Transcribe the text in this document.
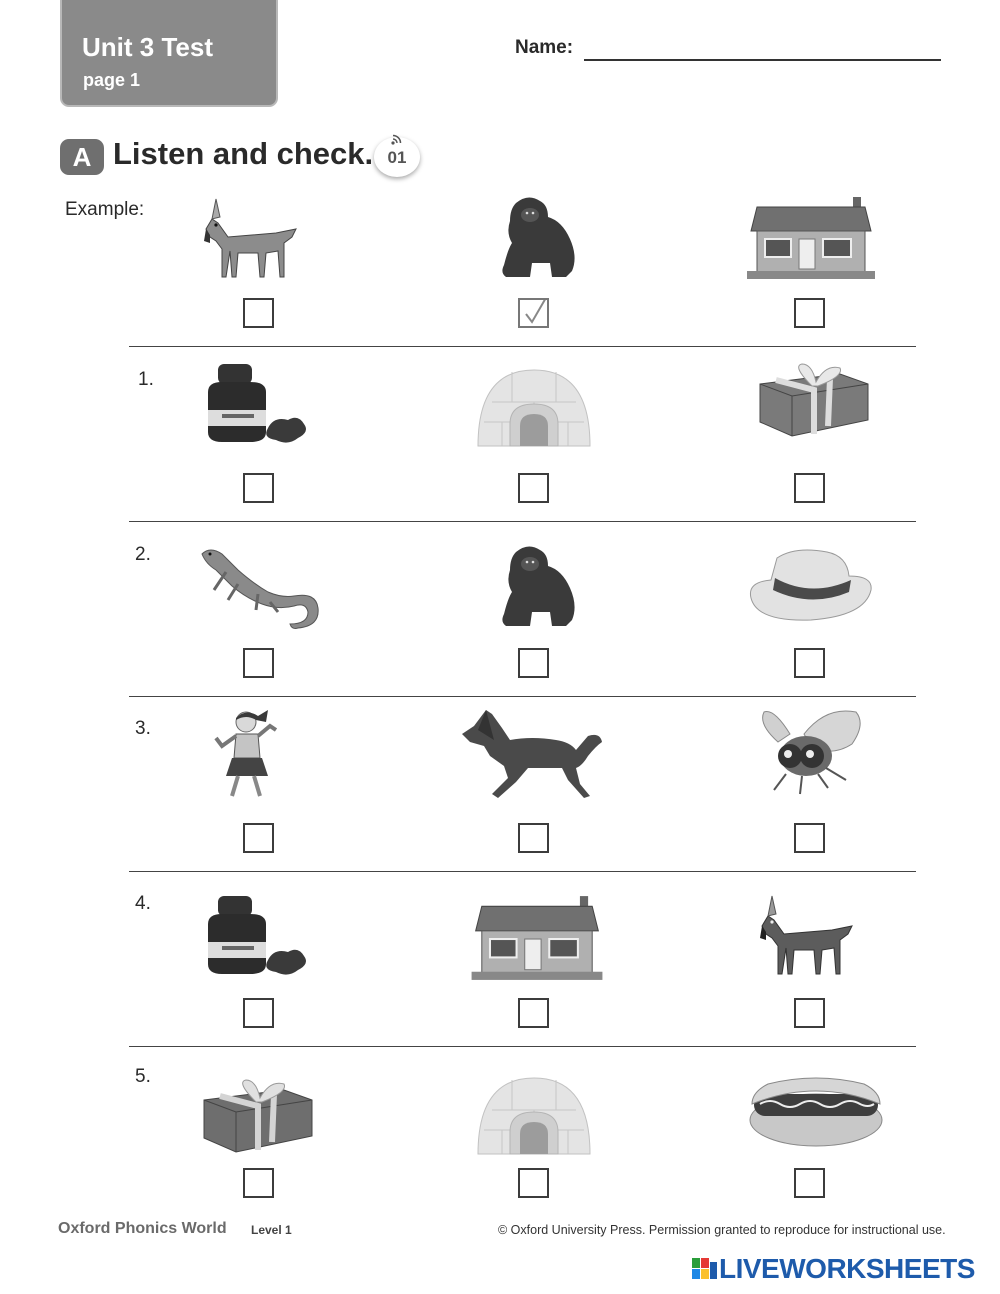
Unit 3 Test
page 1
Name:
A Listen and check. 01
Example:
1.
2.
3.
4.
5.
Oxford Phonics World Level 1	© Oxford University Press. Permission granted to reproduce for instructional use.
LIVEWORKSHEETS
